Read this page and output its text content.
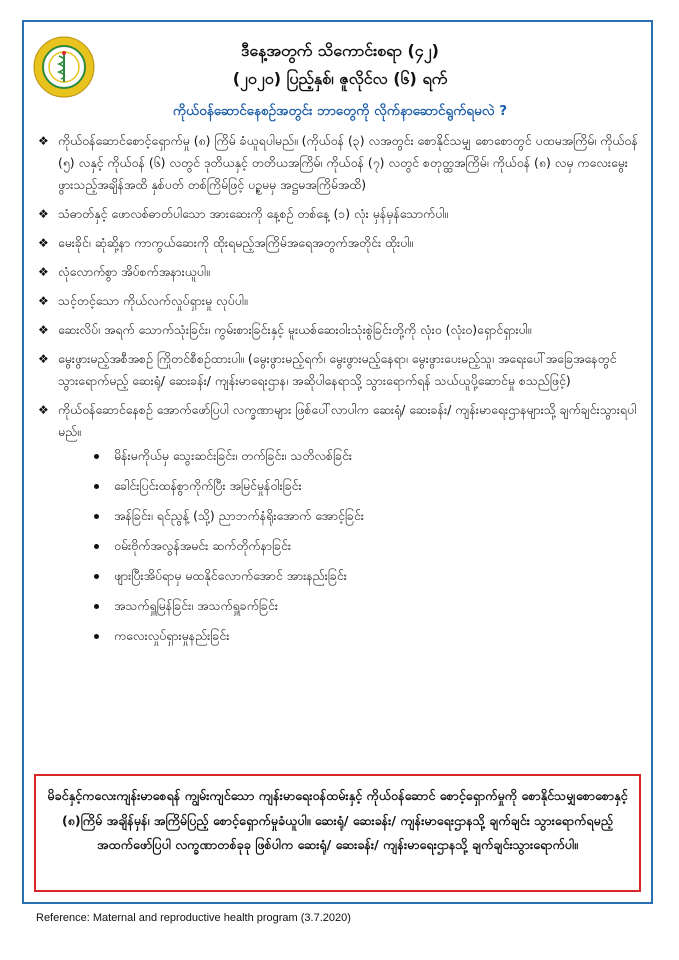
ဒီနေ့အတွက် သိကောင်းစရာ (၄၂)
(၂၀၂၀) ပြည့်နှစ်၊ ဇူလိုင်လ (၆) ရက်
ကိုယ်ဝန်ဆောင်နေစဉ်အတွင်း ဘာတွေကို လိုက်နာဆောင်ရွက်ရမလဲ ?
❖ ကိုယ်ဝန်ဆောင်စောင့်ရှောက်မှု (၈) ကြိမ် ခံယူရပါမည်။ (ကိုယ်ဝန် (၃) လအတွင်း စောနိုင်သမျှ စောစောတွင် ပထမအကြိမ်၊ ကိုယ်ဝန် (၅) လနှင့် ကိုယ်ဝန် (၆) လတွင် ဒုတိယနှင့် တတိယအကြိမ်၊ ကိုယ်ဝန် (၇) လတွင် စတုတ္ထအကြိမ်၊ ကိုယ်ဝန် (၈) လမှ ကလေးမွေးဖွားသည့်အချိန်အထိ နှစ်ပတ် တစ်ကြိမ်ဖြင့် ပဥ္စမမှ အဋ္ဌမအကြိမ်အထိ)
❖ သံဓာတ်နှင့် ဖောလစ်ဓာတ်ပါသော အားဆေးကို နေ့စဉ် တစ်နေ့ (၁) လုံး မှန်မှန်သောက်ပါ။
❖ မေးခိုင်၊ ဆုံဆို့နာ ကာကွယ်ဆေးကို ထိုးရမည့်အကြိမ်အရေအတွက်အတိုင်း ထိုးပါ။
❖ လုံလောက်စွာ အိပ်စက်အနားယူပါ။
❖ သင့်တင့်သော ကိုယ်လက်လှုပ်ရှားမှု လုပ်ပါ။
❖ ဆေးလိပ်၊ အရက် သောက်သုံးခြင်း၊ ကွမ်းစားခြင်းနှင့် မူးယစ်ဆေးဝါးသုံးစွဲခြင်းတို့ကို လုံးဝ (လုံးဝ)ရှောင်ရှားပါ။
❖ မွေးဖွားမည့်အစီအစဉ် ကြိုတင်စီစဉ်ထားပါ။ (မွေးဖွားမည့်ရက်၊ မွေးဖွားမည့်နေရာ၊ မွေးဖွားပေးမည့်သူ၊ အရေးပေါ်အခြေအနေတွင် သွားရောက်မည့် ဆေးရုံ/ ဆေးခန်း/ ကျန်းမာရေးဌာန၊ အဆိုပါနေရာသို့ သွားရောက်ရန် သယ်ယူပို့ဆောင်မှု စသည်ဖြင့်)
❖ ကိုယ်ဝန်ဆောင်နေစဉ် အောက်ဖော်ပြပါ လက္ခဏာများ ဖြစ်ပေါ်လာပါက ဆေးရုံ/ ဆေးခန်း/ ကျန်းမာရေးဌာနများသို့ ချက်ချင်းသွားရပါမည်။
မိန်းမကိုယ်မှ သွေးဆင်းခြင်း၊ တက်ခြင်း၊ သတိလစ်ခြင်း
ခေါင်းပြင်းထန်စွာကိုက်ပြီး အမြင်မှုန်ဝါးခြင်း
အန်ခြင်း၊ ရင်ညွန့် (သို့) ညာဘက်နံရိုးအောက် အောင့်ခြင်း
ဝမ်းဗိုက်အလွန်အမင်း ဆက်တိုက်နာခြင်း
ဖျားပြီးအိပ်ရာမှ မထနိုင်လောက်အောင် အားနည်းခြင်း
အသက်ရှူမြန်ခြင်း၊ အသက်ရှူခက်ခြင်း
ကလေးလှုပ်ရှားမှုနည်းခြင်း
မိခင်နှင့်ကလေးကျန်းမာစေရန် ကျွမ်းကျင်သော ကျန်းမာရေးဝန်ထမ်းနှင့် ကိုယ်ဝန်ဆောင် စောင့်ရှောက်မှုကို စောနိုင်သမျှစောစောနှင့် (၈)ကြိမ် အချိန်မှန်၊ အကြိမ်ပြည့် စောင့်ရှောက်မှုခံယူပါ။ ဆေးရုံ/ ဆေးခန်း/ ကျန်းမာရေးဌာနသို့ ချက်ချင်း သွားရောက်ရမည့် အထက်ဖော်ပြပါ လက္ခဏာတစ်ခုခု ဖြစ်ပါက ဆေးရုံ/ ဆေးခန်း/ ကျန်းမာရေးဌာနသို့ ချက်ချင်းသွားရောက်ပါ။
Reference: Maternal and reproductive health program (3.7.2020)
